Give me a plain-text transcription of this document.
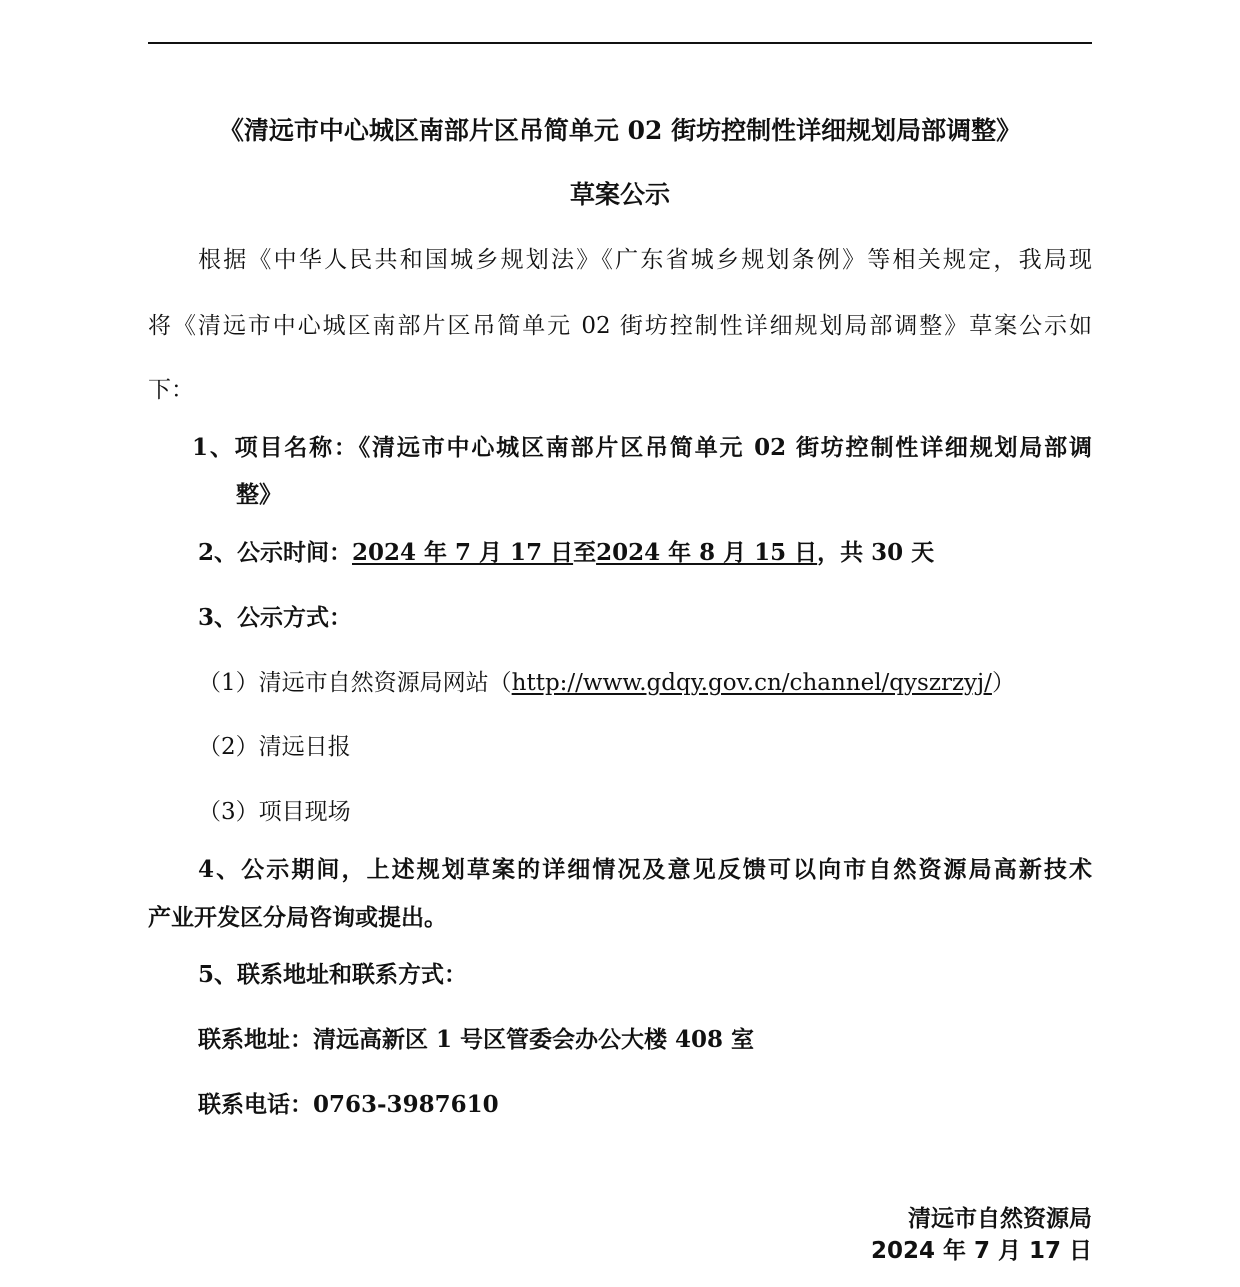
《清远市中心城区南部片区吊简单元 02 街坊控制性详细规划局部调整》
草案公示
根据《中华人民共和国城乡规划法》《广东省城乡规划条例》等相关规定，我局现
将《清远市中心城区南部片区吊简单元 02 街坊控制性详细规划局部调整》草案公示如
下：
1、项目名称：《清远市中心城区南部片区吊简单元 02 街坊控制性详细规划局部调
整》
2、公示时间：2024 年 7 月 17 日至2024 年 8 月 15 日，共 30 天
3、公示方式：
（1）清远市自然资源局网站（http://www.gdqy.gov.cn/channel/qyszrzyj/）
（2）清远日报
（3）项目现场
4、公示期间，上述规划草案的详细情况及意见反馈可以向市自然资源局高新技术
产业开发区分局咨询或提出。
5、联系地址和联系方式：
联系地址：清远高新区 1 号区管委会办公大楼 408 室
联系电话：0763-3987610
清远市自然资源局
2024 年 7 月 17 日
